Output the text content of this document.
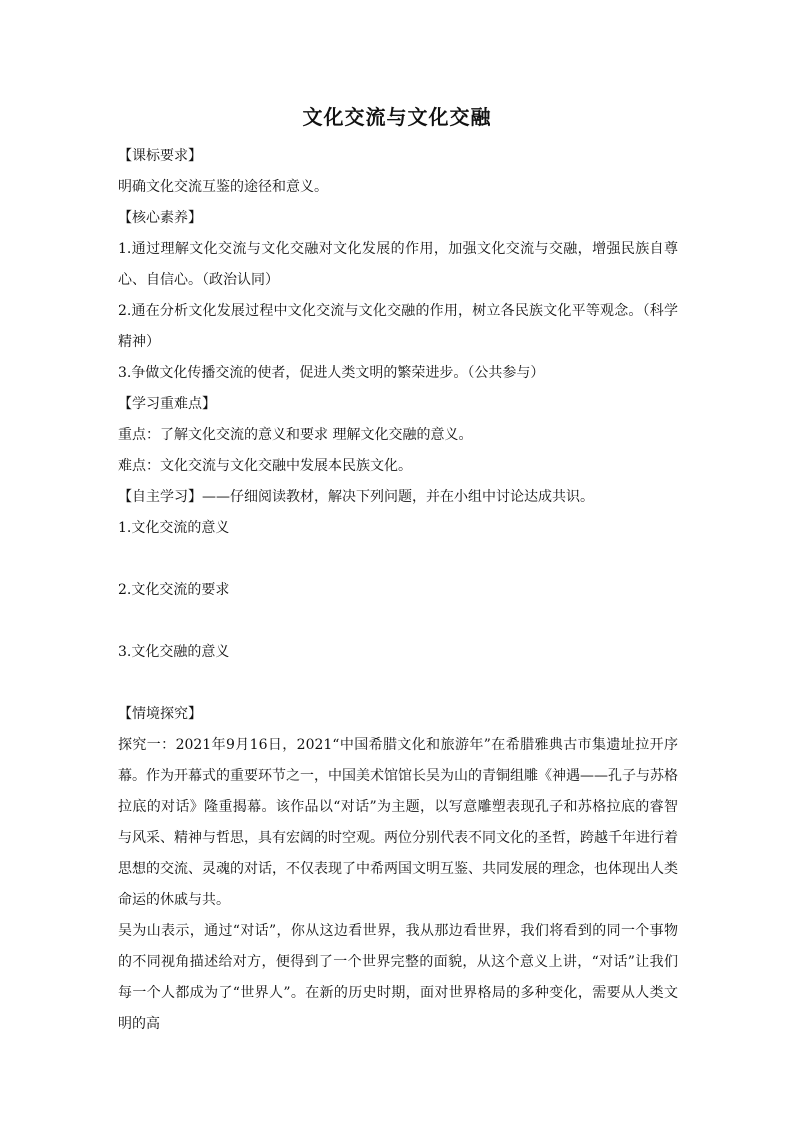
文化交流与文化交融

【课标要求】

明确文化交流互鉴的途径和意义。

【核心素养】

1.通过理解文化交流与文化交融对文化发展的作用，加强文化交流与交融，增强民族自尊心、自信心。（政治认同）

2.通在分析文化发展过程中文化交流与文化交融的作用，树立各民族文化平等观念。（科学精神）

3.争做文化传播交流的使者，促进人类文明的繁荣进步。（公共参与）

【学习重难点】

重点：了解文化交流的意义和要求 理解文化交融的意义。

难点：文化交流与文化交融中发展本民族文化。

【自主学习】——仔细阅读教材，解决下列问题，并在小组中讨论达成共识。

1.文化交流的意义

2.文化交流的要求

3.文化交融的意义

【情境探究】

探究一：2021年9月16日，2021“中国希腊文化和旅游年”在希腊雅典古市集遗址拉开序幕。作为开幕式的重要环节之一，中国美术馆馆长吴为山的青铜组雕《神遇——孔子与苏格拉底的对话》隆重揭幕。该作品以“对话”为主题，以写意雕塑表现孔子和苏格拉底的睿智与风采、精神与哲思，具有宏阔的时空观。两位分别代表不同文化的圣哲，跨越千年进行着思想的交流、灵魂的对话，不仅表现了中希两国文明互鉴、共同发展的理念，也体现出人类命运的休戚与共。

吴为山表示，通过“对话”，你从这边看世界，我从那边看世界，我们将看到的同一个事物的不同视角描述给对方，便得到了一个世界完整的面貌，从这个意义上讲，“对话”让我们每一个人都成为了“世界人”。在新的历史时期，面对世界格局的多种变化，需要从人类文明的高
